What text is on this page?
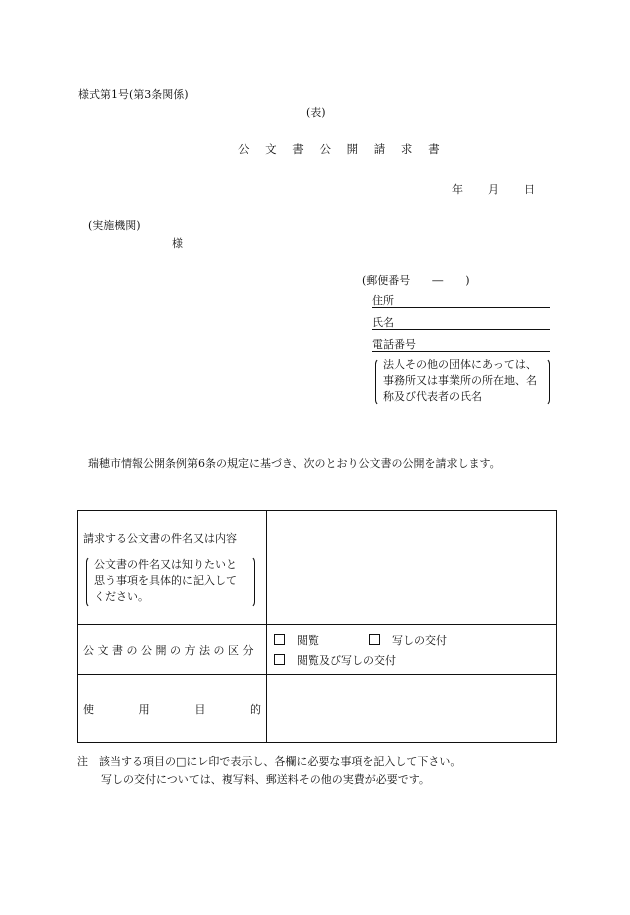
様式第1号(第3条関係)
(表)
公 文 書 公 開 請 求 書
年 月 日
(実施機関)
様
(郵便番号　　―　　)
住所
氏名
電話番号
法人その他の団体にあっては、
事務所又は事業所の所在地、名
称及び代表者の氏名
瑞穂市情報公開条例第6条の規定に基づき、次のとおり公文書の公開を請求します。
請求する公文書の件名又は内容
公文書の件名又は知りたいと
思う事項を具体的に記入して
ください。
公 文 書 の 公 開 の 方 法 の 区 分
閲覧	写しの交付
閲覧及び写しの交付
使	用	目	的
注　該当する項目の□にレ印で表示し、各欄に必要な事項を記入して下さい。
写しの交付については、複写料、郵送料その他の実費が必要です。
